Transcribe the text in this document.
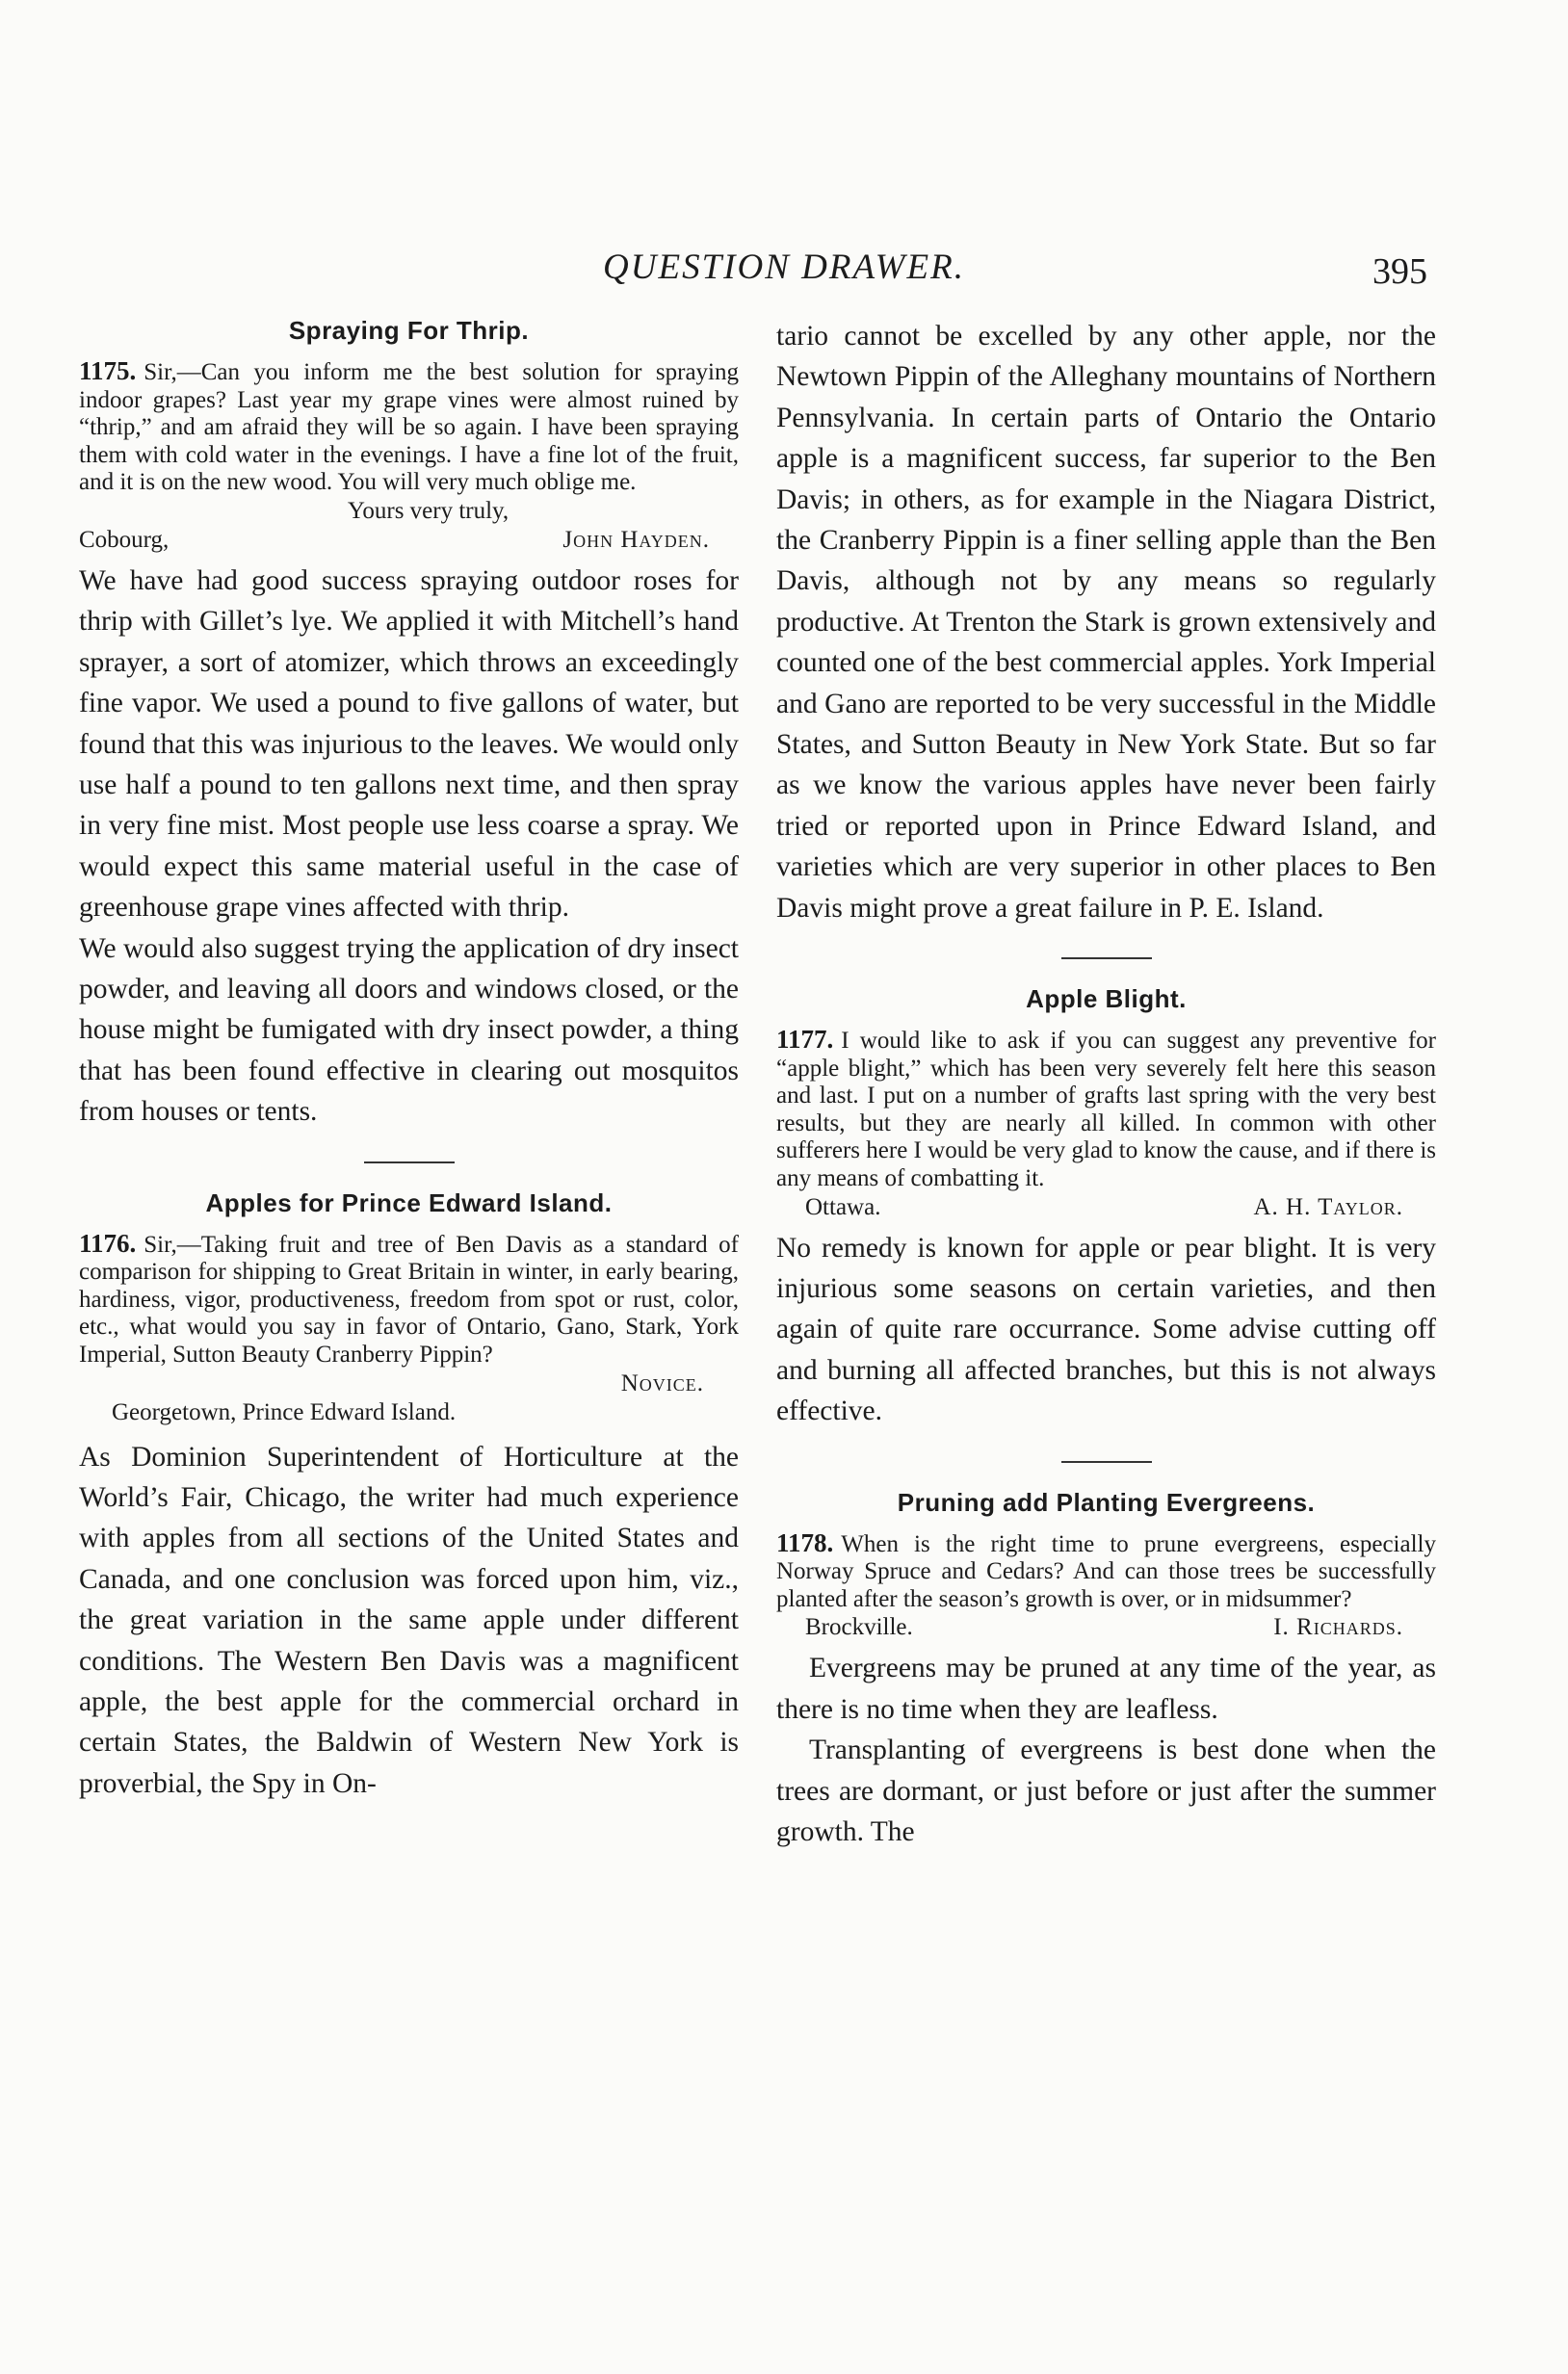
QUESTION DRAWER.	395
Spraying For Thrip.

1175. Sir,—Can you inform me the best solution for spraying indoor grapes? Last year my grape vines were almost ruined by “thrip,” and am afraid they will be so again. I have been spraying them with cold water in the evenings. I have a fine lot of the fruit, and it is on the new wood. You will very much oblige me.

Yours very truly,
Cobourg,	John Hayden.

We have had good success spraying outdoor roses for thrip with Gillet’s lye. We applied it with Mitchell’s hand sprayer, a sort of atomizer, which throws an exceedingly fine vapor. We used a pound to five gallons of water, but found that this was injurious to the leaves. We would only use half a pound to ten gallons next time, and then spray in very fine mist. Most people use less coarse a spray. We would expect this same material useful in the case of greenhouse grape vines affected with thrip.

We would also suggest trying the application of dry insect powder, and leaving all doors and windows closed, or the house might be fumigated with dry insect powder, a thing that has been found effective in clearing out mosquitos from houses or tents.

Apples for Prince Edward Island.

1176. Sir,—Taking fruit and tree of Ben Davis as a standard of comparison for shipping to Great Britain in winter, in early bearing, hardiness, vigor, productiveness, freedom from spot or rust, color, etc., what would you say in favor of Ontario, Gano, Stark, York Imperial, Sutton Beauty Cranberry Pippin?

Novice.
Georgetown, Prince Edward Island.

As Dominion Superintendent of Horticulture at the World’s Fair, Chicago, the writer had much experience with apples from all sections of the United States and Canada, and one conclusion was forced upon him, viz., the great variation in the same apple under different conditions. The Western Ben Davis was a magnificent apple, the best apple for the commercial orchard in certain States, the Baldwin of Western New York is proverbial, the Spy in On-

tario cannot be excelled by any other apple, nor the Newtown Pippin of the Alleghany mountains of Northern Pennsylvania. In certain parts of Ontario the Ontario apple is a magnificent success, far superior to the Ben Davis; in others, as for example in the Niagara District, the Cranberry Pippin is a finer selling apple than the Ben Davis, although not by any means so regularly productive. At Trenton the Stark is grown extensively and counted one of the best commercial apples. York Imperial and Gano are reported to be very successful in the Middle States, and Sutton Beauty in New York State. But so far as we know the various apples have never been fairly tried or reported upon in Prince Edward Island, and varieties which are very superior in other places to Ben Davis might prove a great failure in P. E. Island.

Apple Blight.

1177. I would like to ask if you can suggest any preventive for “apple blight,” which has been very severely felt here this season and last. I put on a number of grafts last spring with the very best results, but they are nearly all killed. In common with other sufferers here I would be very glad to know the cause, and if there is any means of combatting it.

Ottawa.	A. H. Taylor.

No remedy is known for apple or pear blight. It is very injurious some seasons on certain varieties, and then again of quite rare occurrance. Some advise cutting off and burning all affected branches, but this is not always effective.

Pruning add Planting Evergreens.

1178. When is the right time to prune evergreens, especially Norway Spruce and Cedars? And can those trees be successfully planted after the season’s growth is over, or in midsummer?

Brockville.	I. Richards.

Evergreens may be pruned at any time of the year, as there is no time when they are leafless.

Transplanting of evergreens is best done when the trees are dormant, or just before or just after the summer growth. The
